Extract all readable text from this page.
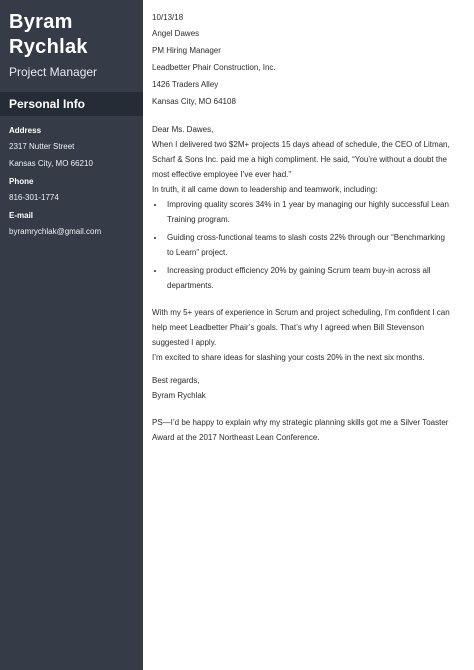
Byram
Rychlak
Project Manager
Personal Info
Address
2317 Nutter Street
Kansas City, MO 66210
Phone
816-301-1774
E-mail
byramrychlak@gmail.com

10/13/18

Angel Dawes
PM Hiring Manager
Leadbetter Phair Construction, Inc.
1426 Traders Alley
Kansas City, MO 64108

Dear Ms. Dawes,

When I delivered two $2M+ projects 15 days ahead of schedule, the CEO of Litman, Scharf & Sons Inc. paid me a high compliment. He said, “You’re without a doubt the most effective employee I’ve ever had.”

In truth, it all came down to leadership and teamwork, including:

• Improving quality scores 34% in 1 year by managing our highly successful Lean Training program.
• Guiding cross-functional teams to slash costs 22% through our “Benchmarking to Learn” project.
• Increasing product efficiency 20% by gaining Scrum team buy-in across all departments.

With my 5+ years of experience in Scrum and project scheduling, I’m confident I can help meet Leadbetter Phair’s goals. That’s why I agreed when Bill Stevenson suggested I apply.

I’m excited to share ideas for slashing your costs 20% in the next six months.

Best regards,
Byram Rychlak

PS—I’d be happy to explain why my strategic planning skills got me a Silver Toaster Award at the 2017 Northeast Lean Conference.
